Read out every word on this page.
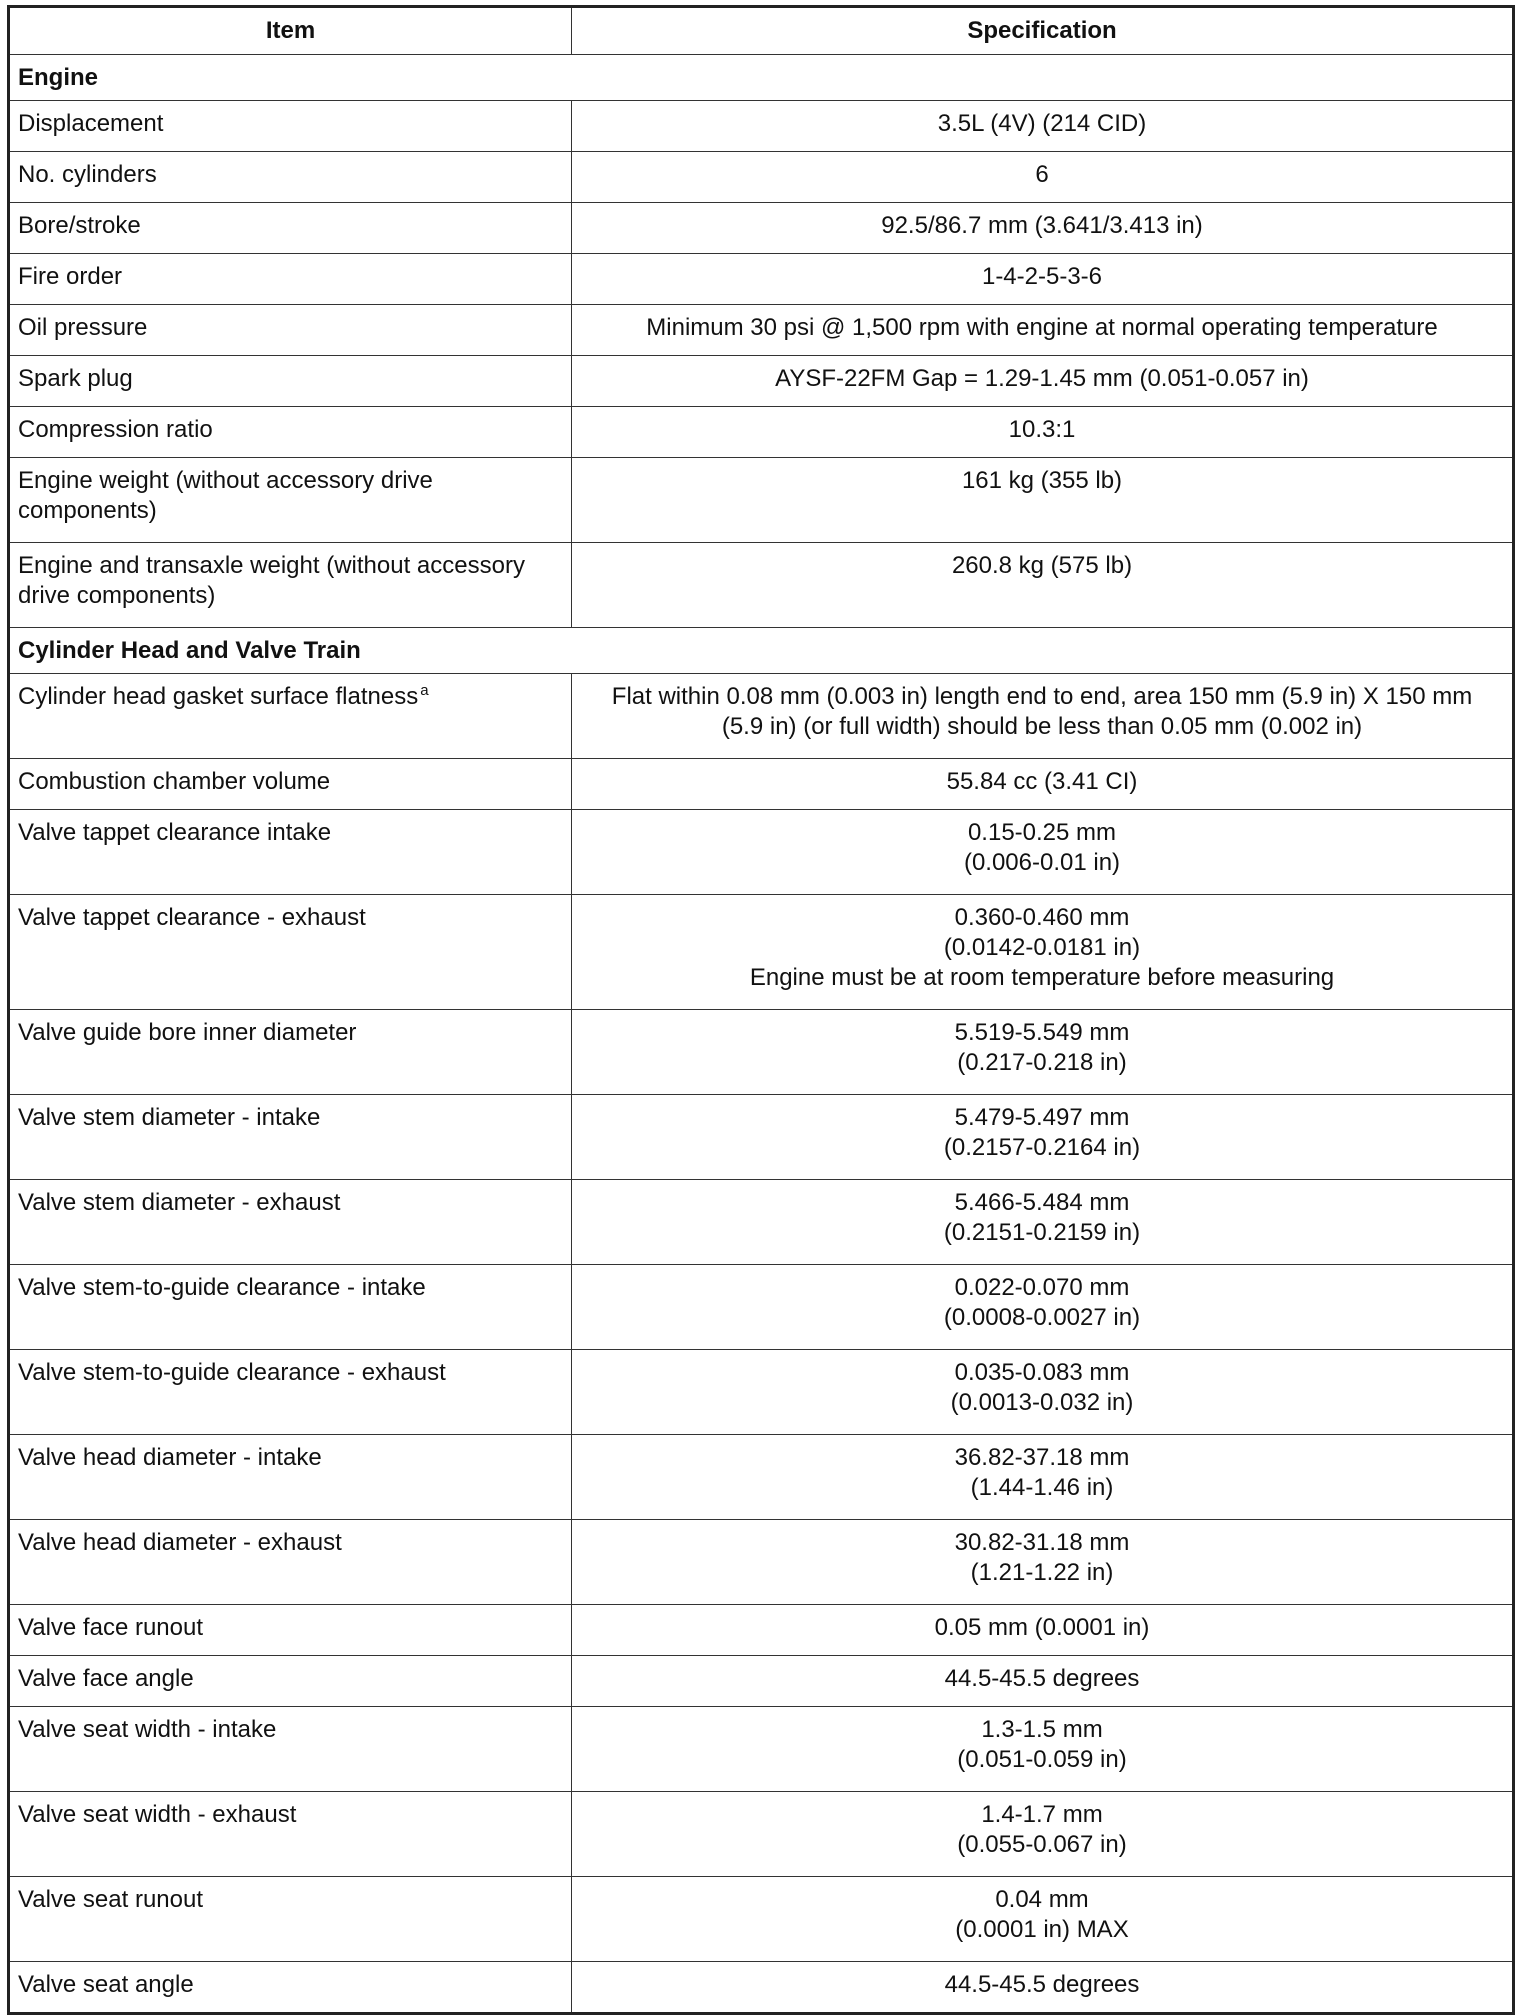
Item	Specification
Engine	
Displacement	3.5L (4V) (214 CID)

No. cylinders	6

Bore/stroke	92.5/86.7 mm (3.641/3.413 in)

Fire order	1-4-2-5-3-6

Oil pressure	Minimum 30 psi @ 1,500 rpm with engine at normal operating temperature

Spark plug	AYSF-22FM Gap = 1.29-1.45 mm (0.051-0.057 in)

Compression ratio	10.3:1

Engine weight (without accessory drive components)	161 kg (355 lb)

Engine and transaxle weight (without accessory drive components)	260.8 kg (575 lb)

Cylinder Head and Valve Train	
Cylinder head gasket surface flatness $^a$	Flat within 0.08 mm (0.003 in) length end to end, area 150 mm (5.9 in) X 150 mm
(5.9 in) (or full width) should be less than 0.05 mm (0.002 in)

Combustion chamber volume	55.84 cc (3.41 CI)

Valve tappet clearance intake	0.15-0.25 mm
(0.006-0.01 in)

Valve tappet clearance - exhaust	0.360-0.460 mm
(0.0142-0.0181 in)
Engine must be at room temperature before measuring

Valve guide bore inner diameter	5.519-5.549 mm
(0.217-0.218 in)

Valve stem diameter - intake	5.479-5.497 mm
(0.2157-0.2164 in)

Valve stem diameter - exhaust	5.466-5.484 mm
(0.2151-0.2159 in)

Valve stem-to-guide clearance - intake	0.022-0.070 mm
(0.0008-0.0027 in)

Valve stem-to-guide clearance - exhaust	0.035-0.083 mm
(0.0013-0.032 in)

Valve head diameter - intake	36.82-37.18 mm
(1.44-1.46 in)

Valve head diameter - exhaust	30.82-31.18 mm
(1.21-1.22 in)

Valve face runout	0.05 mm (0.0001 in)

Valve face angle	44.5-45.5 degrees

Valve seat width - intake	1.3-1.5 mm
(0.051-0.059 in)

Valve seat width - exhaust	1.4-1.7 mm
(0.055-0.067 in)

Valve seat runout	0.04 mm
(0.0001 in) MAX

Valve seat angle	44.5-45.5 degrees
